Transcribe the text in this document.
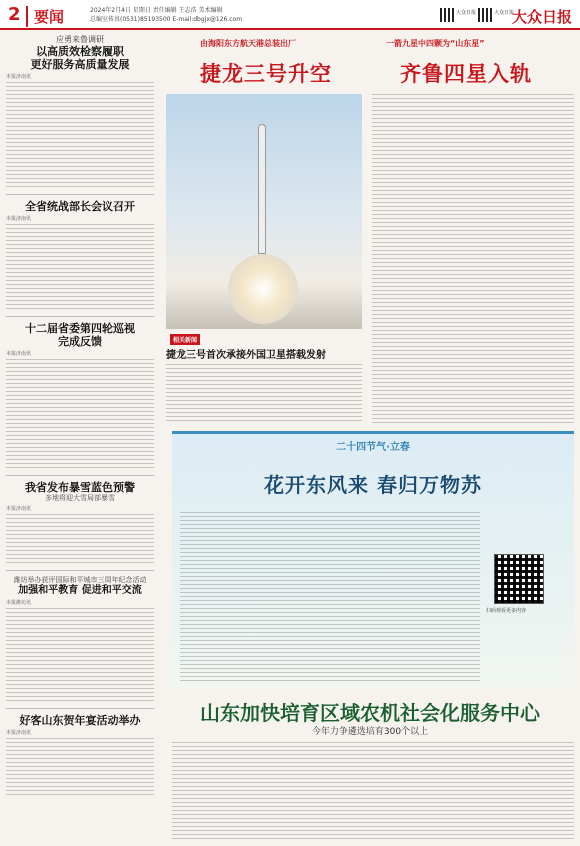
2 要闻	2024年2月4日 星期日 责任编辑 王志浩 美术编辑
总编室传真(0531)85193500 E-mail:dbgjx@126.com
大众日报	大众日报
大众日报
应勇来鲁调研
以高质效检察履职
更好服务高质量发展
本报济南讯
全省统战部长会议召开
本报济南讯
十二届省委第四轮巡视
完成反馈
本报济南讯
我省发布暴雪蓝色预警
多地将迎大雪局部暴雪
本报济南讯
潍坊举办获评国际和平城市三周年纪念活动
加强和平教育 促进和平交流
本报潍坊讯
好客山东贺年宴活动举办
本报济南讯
由海阳东方航天港总装出厂
捷龙三号升空
一箭九星中四颗为“山东星”
齐鲁四星入轨
相关新闻
捷龙三号首次承接外国卫星搭载发射
二十四节气·立春
花开东风来 春归万物苏
扫码观看更多内容
山东加快培育区域农机社会化服务中心
今年力争遴选培育300个以上
